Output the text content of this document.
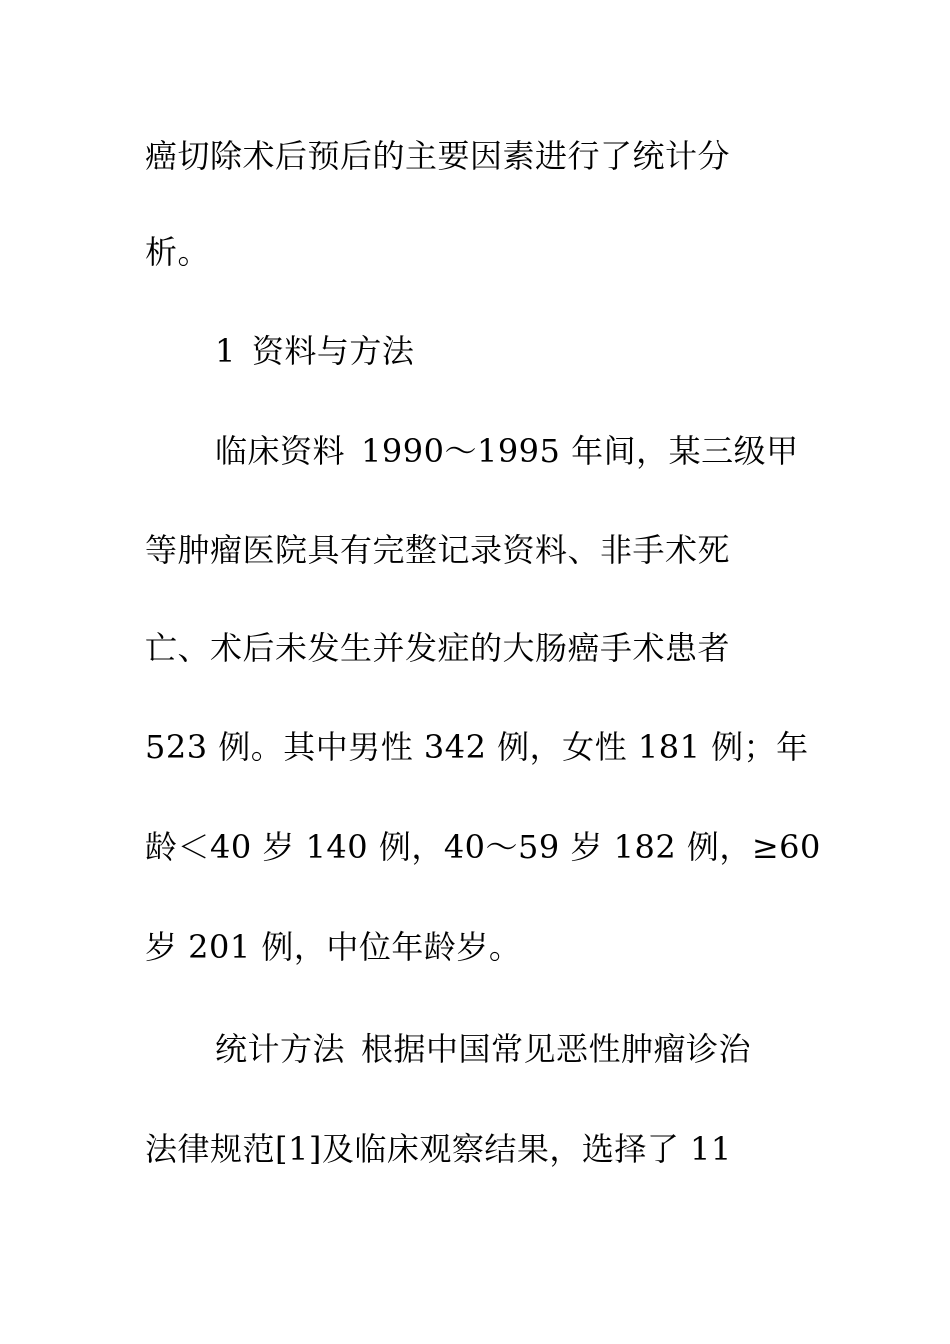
癌切除术后预后的主要因素进行了统计分
析。
1 资料与方法
临床资料 1990～1995 年间，某三级甲
等肿瘤医院具有完整记录资料、非手术死
亡、术后未发生并发症的大肠癌手术患者
523 例。其中男性 342 例，女性 181 例；年
龄＜40 岁 140 例，40～59 岁 182 例，≥60
岁 201 例，中位年龄岁。
统计方法 根据中国常见恶性肿瘤诊治
法律规范[1]及临床观察结果，选择了 11
